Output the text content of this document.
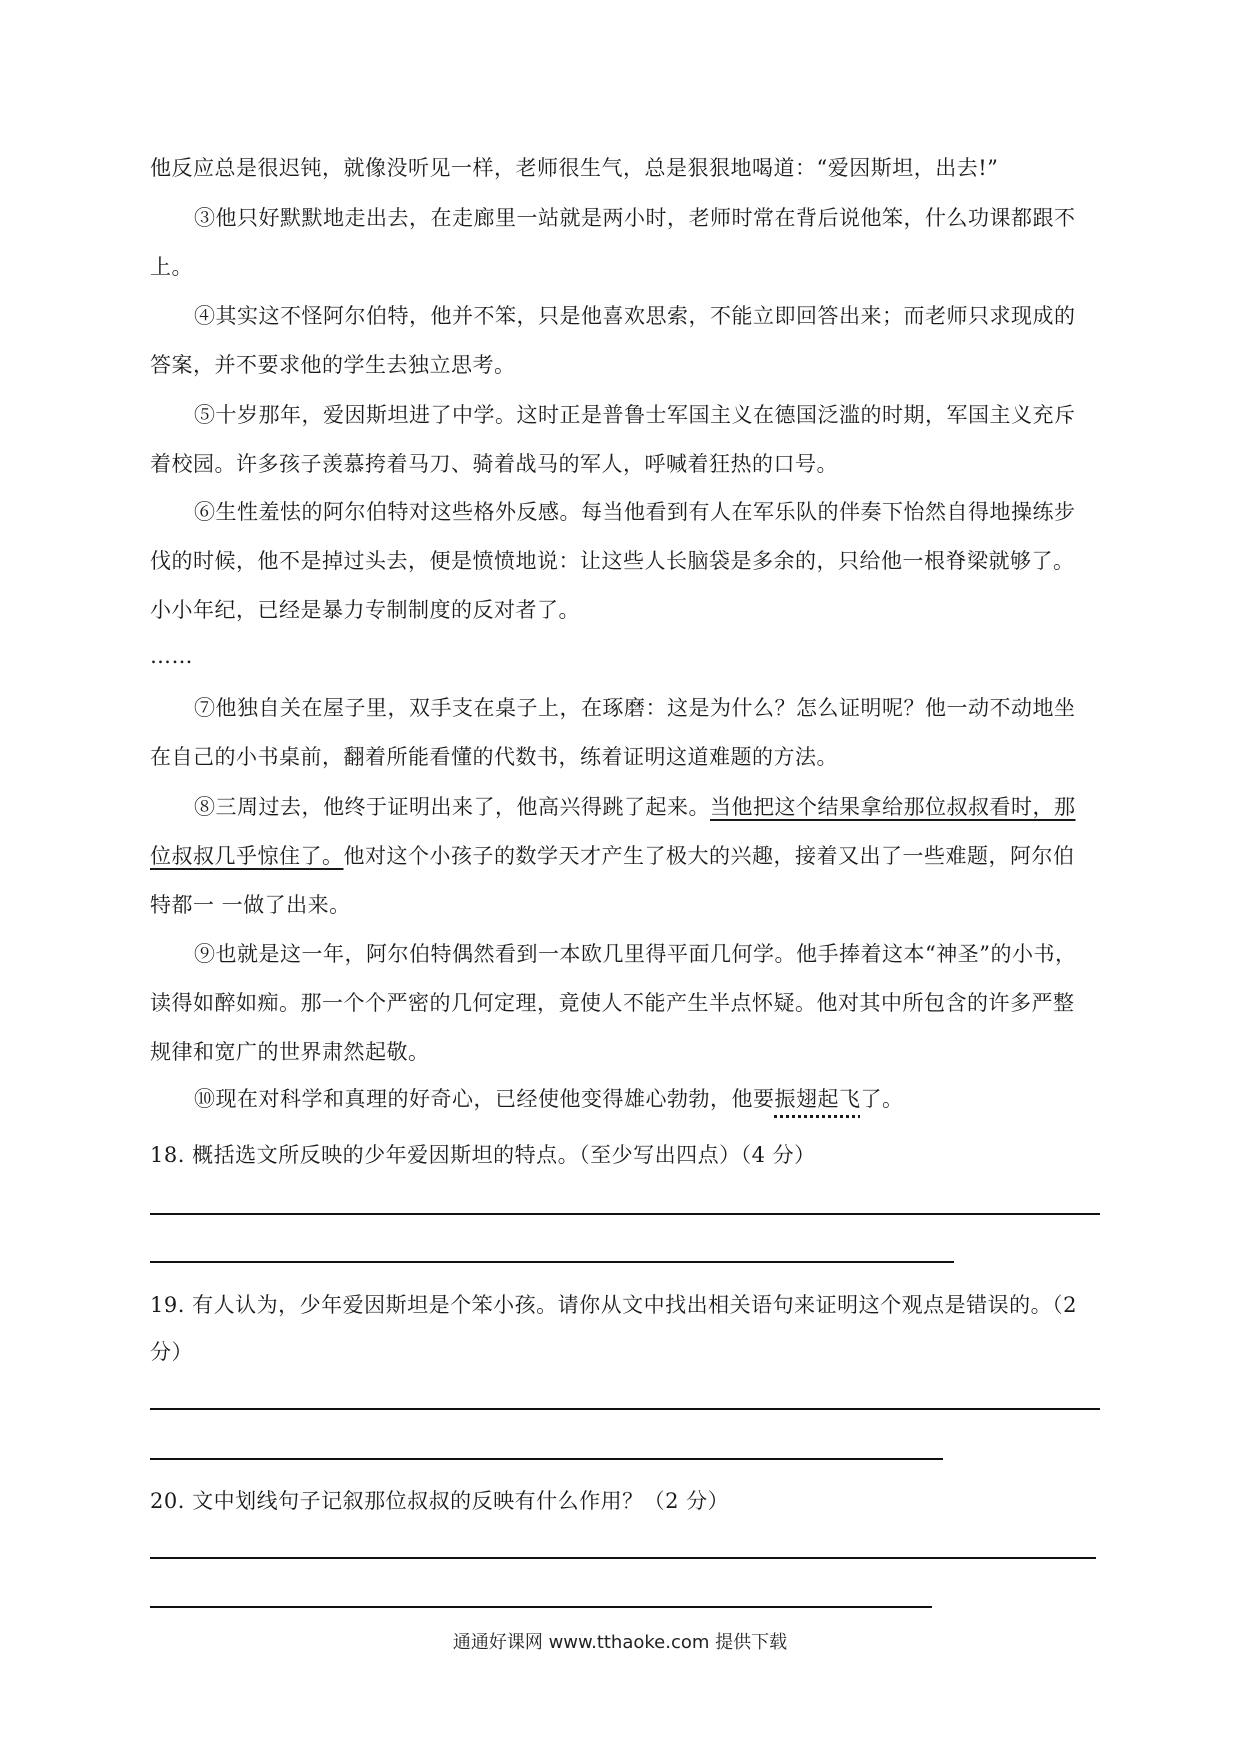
他反应总是很迟钝，就像没听见一样，老师很生气，总是狠狠地喝道：“爱因斯坦，出去!”
③他只好默默地走出去，在走廊里一站就是两小时，老师时常在背后说他笨，什么功课都跟不
上。
④其实这不怪阿尔伯特，他并不笨，只是他喜欢思索，不能立即回答出来；而老师只求现成的
答案，并不要求他的学生去独立思考。
⑤十岁那年，爱因斯坦进了中学。这时正是普鲁士军国主义在德国泛滥的时期，军国主义充斥
着校园。许多孩子羡慕挎着马刀、骑着战马的军人，呼喊着狂热的口号。
⑥生性羞怯的阿尔伯特对这些格外反感。每当他看到有人在军乐队的伴奏下怡然自得地操练步
伐的时候，他不是掉过头去，便是愤愤地说：让这些人长脑袋是多余的，只给他一根脊梁就够了。
小小年纪，已经是暴力专制制度的反对者了。
……
⑦他独自关在屋子里，双手支在桌子上，在琢磨：这是为什么？怎么证明呢？他一动不动地坐
在自己的小书桌前，翻着所能看懂的代数书，练着证明这道难题的方法。
⑧三周过去，他终于证明出来了，他高兴得跳了起来。当他把这个结果拿给那位叔叔看时，那
位叔叔几乎惊住了。他对这个小孩子的数学天才产生了极大的兴趣，接着又出了一些难题，阿尔伯
特都一 一做了出来。
⑨也就是这一年，阿尔伯特偶然看到一本欧几里得平面几何学。他手捧着这本“神圣”的小书，
读得如醉如痴。那一个个严密的几何定理，竟使人不能产生半点怀疑。他对其中所包含的许多严整
规律和宽广的世界肃然起敬。
⑩现在对科学和真理的好奇心，已经使他变得雄心勃勃，他要振翅起飞了。
18. 概括选文所反映的少年爱因斯坦的特点。（至少写出四点）（4 分）
19. 有人认为，少年爱因斯坦是个笨小孩。请你从文中找出相关语句来证明这个观点是错误的。（2
分）
20. 文中划线句子记叙那位叔叔的反映有什么作用？（2 分）
通通好课网 www.tthaoke.com 提供下载
